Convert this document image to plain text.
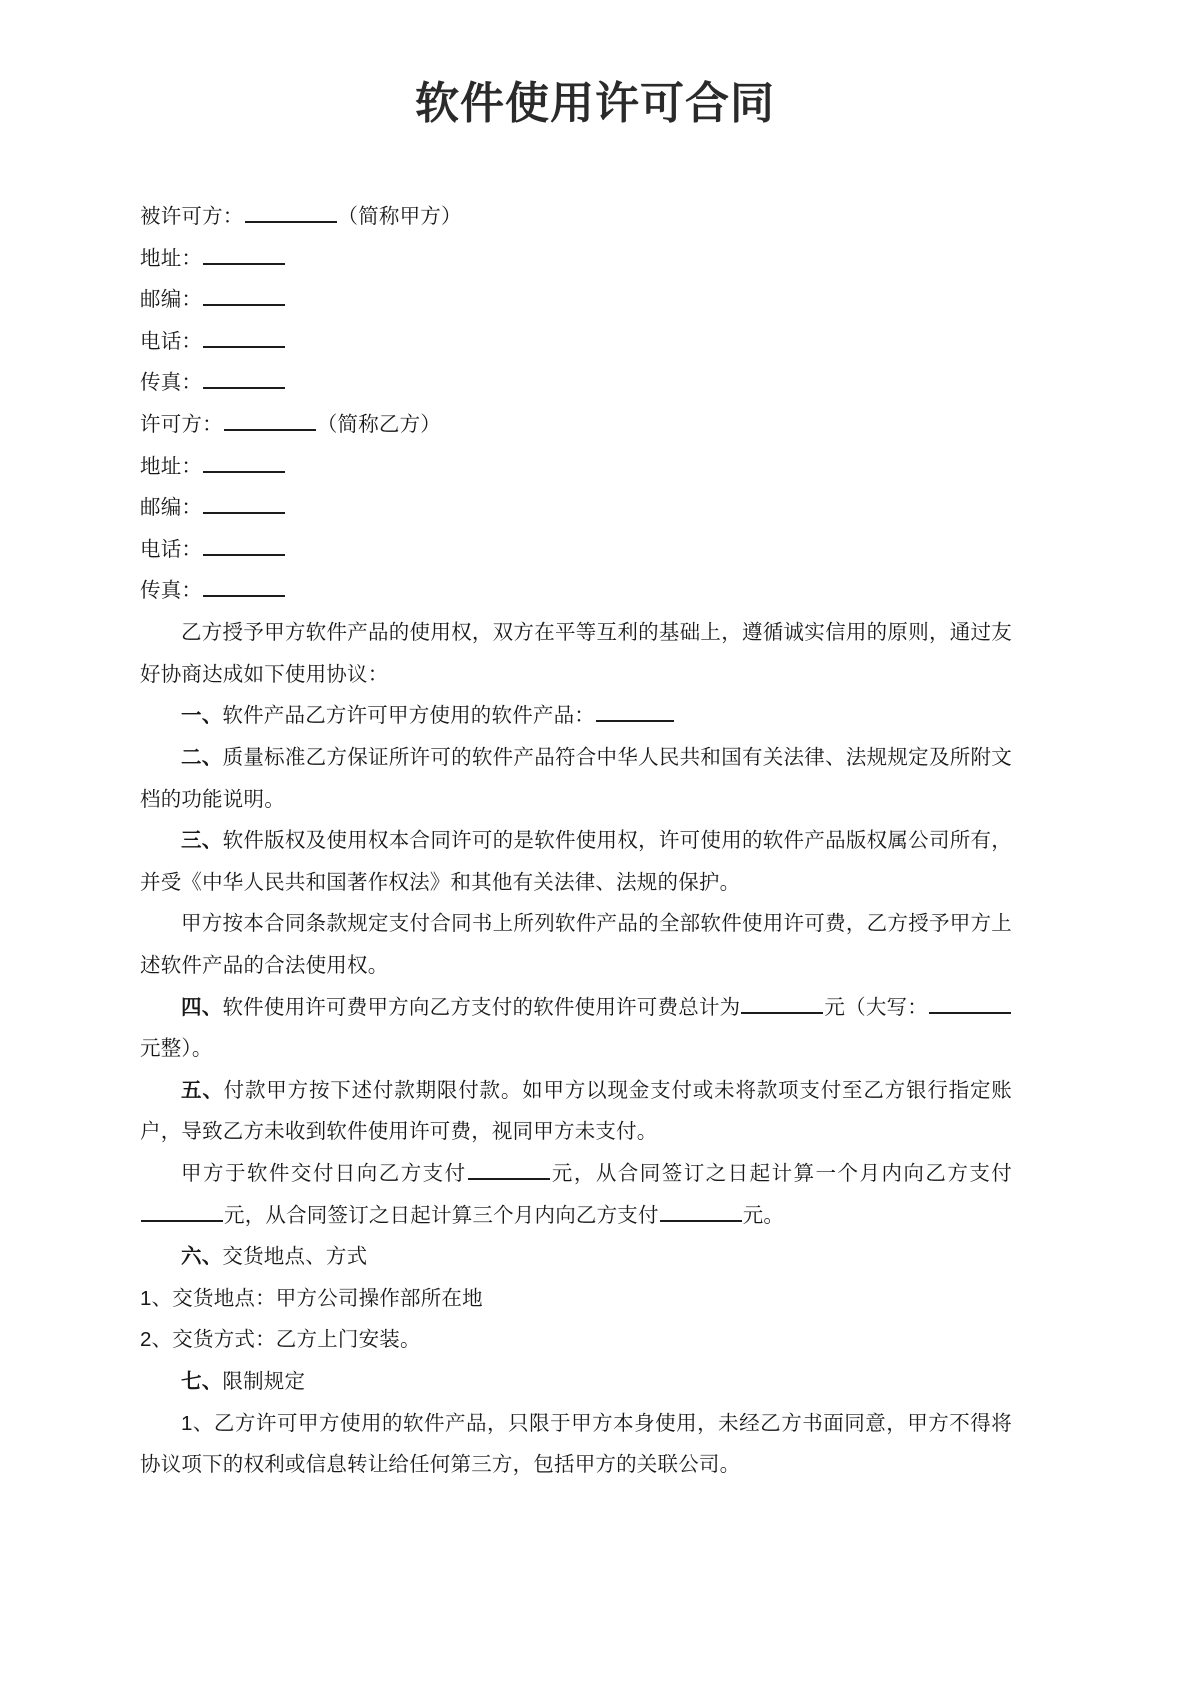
软件使用许可合同

被许可方：	（简称甲方）

地址：

邮编：

电话：

传真：

许可方：	（简称乙方）

地址：

邮编：

电话：

传真：

乙方授予甲方软件产品的使用权，双方在平等互利的基础上，遵循诚实信用的原则，通过友好协商达成如下使用协议：

一、软件产品乙方许可甲方使用的软件产品：

二、质量标准乙方保证所许可的软件产品符合中华人民共和国有关法律、法规规定及所附文档的功能说明。

三、软件版权及使用权本合同许可的是软件使用权，许可使用的软件产品版权属公司所有，并受《中华人民共和国著作权法》和其他有关法律、法规的保护。

甲方按本合同条款规定支付合同书上所列软件产品的全部软件使用许可费，乙方授予甲方上述软件产品的合法使用权。

四、软件使用许可费甲方向乙方支付的软件使用许可费总计为	元（大写：元整）。

五、付款甲方按下述付款期限付款。如甲方以现金支付或未将款项支付至乙方银行指定账户，导致乙方未收到软件使用许可费，视同甲方未支付。

甲方于软件交付日向乙方支付	元，从合同签订之日起计算一个月内向乙方支付元，从合同签订之日起计算三个月内向乙方支付	元。

六、交货地点、方式

1、交货地点：甲方公司操作部所在地

2、交货方式：乙方上门安装。

七、限制规定

1、乙方许可甲方使用的软件产品，只限于甲方本身使用，未经乙方书面同意，甲方不得将协议项下的权利或信息转让给任何第三方，包括甲方的关联公司。
